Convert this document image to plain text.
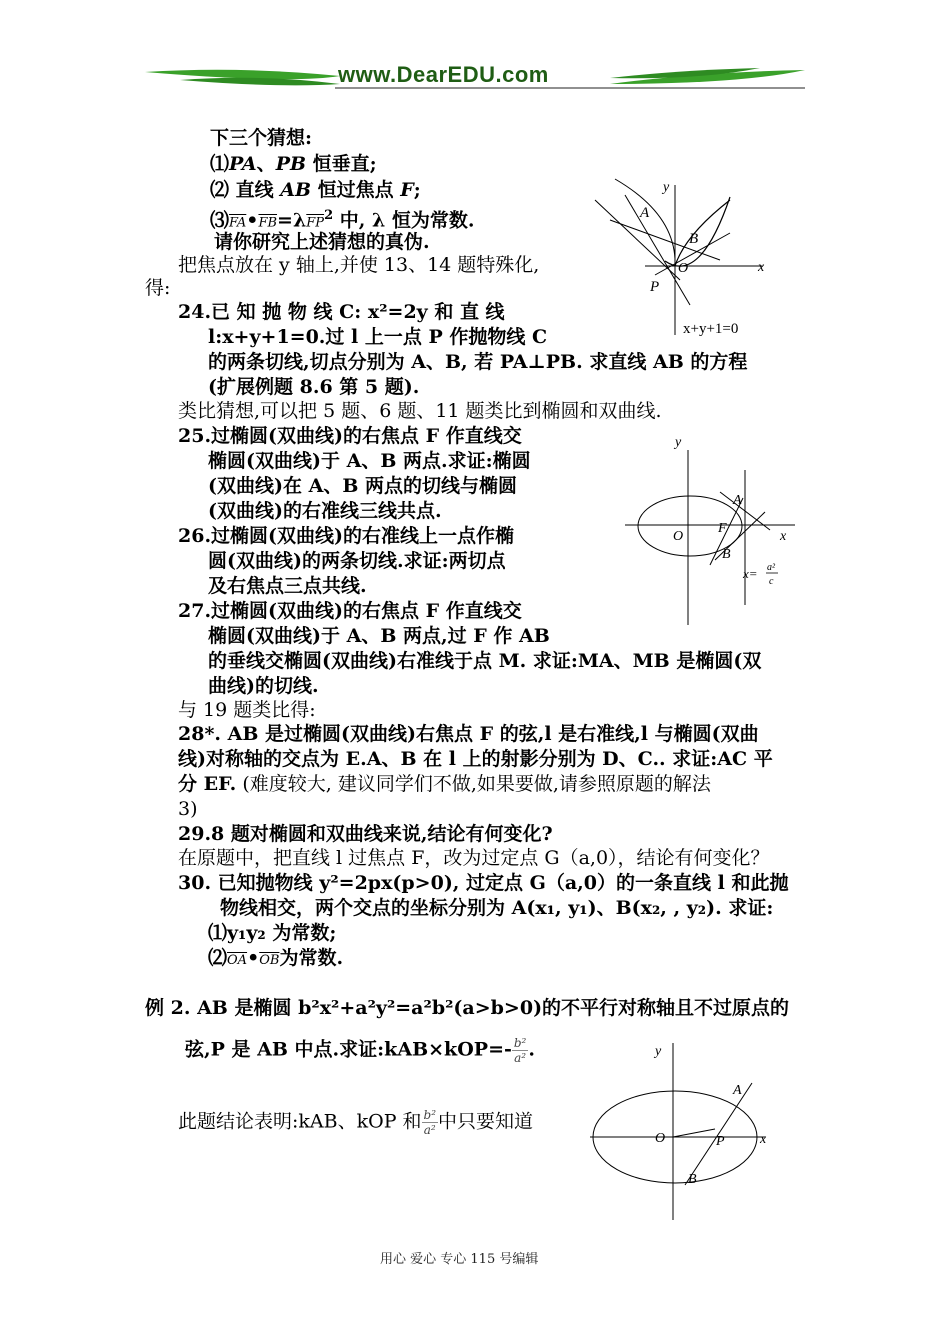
www.DearEDU.com
下三个猜想:
⑴PA、PB 恒垂直;
⑵ 直线 AB 恒过焦点 F;
$⑶\overline{FA}•\overline{FB}=\lambda\overline{FP}^2$ 中, λ 恒为常数.
请你研究上述猜想的真伪.
把焦点放在 y 轴上,并使 13、14 题特殊化,
得:
24.已 知 抛 物 线 C: x²=2y 和 直 线
l:x+y+1=0.过 l 上一点 P 作抛物线 C
的两条切线,切点分别为 A、B, 若 PA⊥PB. 求直线 AB 的方程
(扩展例题 8.6 第 5 题).
类比猜想,可以把 5 题、6 题、11 题类比到椭圆和双曲线.
25.过椭圆(双曲线)的右焦点 F 作直线交
椭圆(双曲线)于 A、B 两点.求证:椭圆
(双曲线)在 A、B 两点的切线与椭圆
(双曲线)的右准线三线共点.
26.过椭圆(双曲线)的右准线上一点作椭
圆(双曲线)的两条切线.求证:两切点
及右焦点三点共线.
27.过椭圆(双曲线)的右焦点 F 作直线交
椭圆(双曲线)于 A、B 两点,过 F 作 AB
的垂线交椭圆(双曲线)右准线于点 M. 求证:MA、MB 是椭圆(双
曲线)的切线.
与 19 题类比得:
28*. AB 是过椭圆(双曲线)右焦点 F 的弦,l 是右准线,l 与椭圆(双曲
线)对称轴的交点为 E.A、B 在 l 上的射影分别为 D、C.. 求证:AC 平
分 EF. (难度较大, 建议同学们不做,如果要做,请参照原题的解法
3)
29.8 题对椭圆和双曲线来说,结论有何变化?
在原题中，把直线 l 过焦点 F，改为过定点 G（a,0），结论有何变化？
30. 已知抛物线 y²=2px(p>0), 过定点 G（a,0）的一条直线 l 和此抛
物线相交，两个交点的坐标分别为 A(x₁, y₁)、B(x₂, , y₂). 求证:
⑴y₁y₂ 为常数;
$⑵\overline{OA}•\overline{OB}$为常数.
例 2. AB 是椭圆 b²x²+a²y²=a²b²(a>b>0)的不平行对称轴且不过原点的
弦,P 是 AB 中点.求证:kAB×kOP=- $\frac{\text{b²}}{\text{a²}}$ .
此题结论表明:kAB、kOP 和 $\frac{\text{b²}}{\text{a²}}$ 中只要知道
y
x
O
A
B
P
x+y+1=0
y
x
O
F
A
B
x= a²
c
y
x
O
A
B
P
用心 爱心 专心 115 号编辑
